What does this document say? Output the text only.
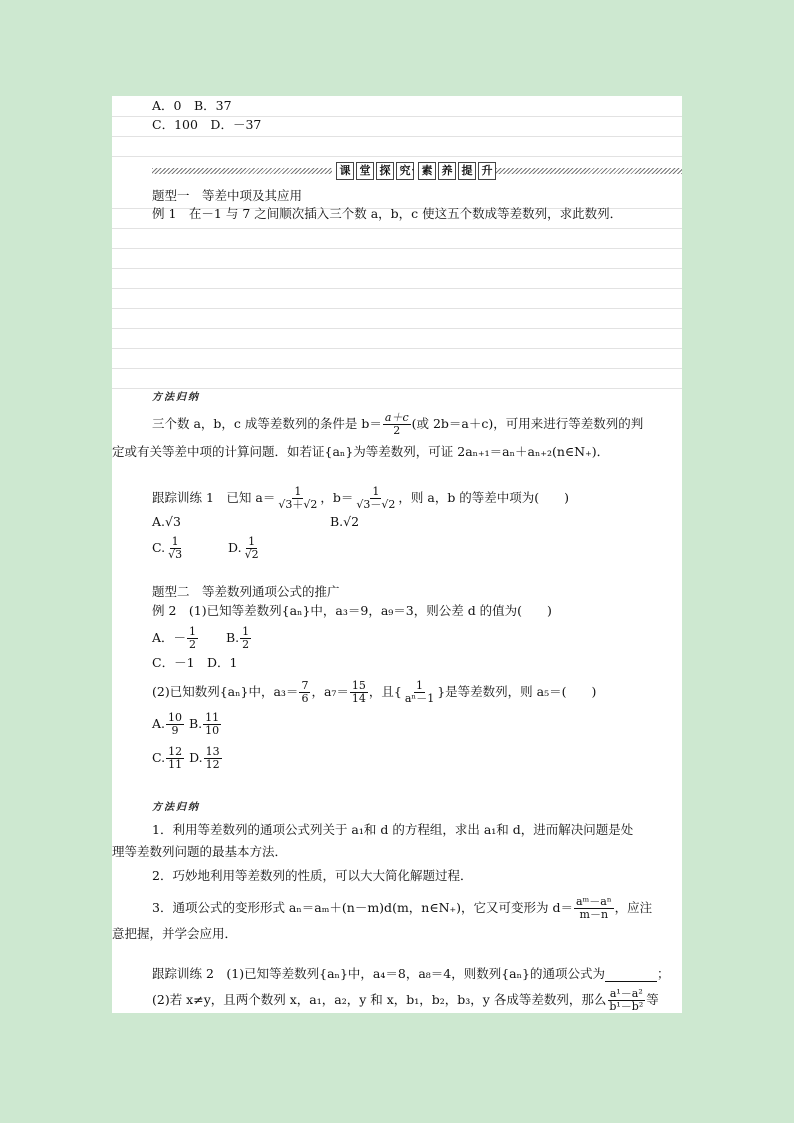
A．0　B．37
C．100　D．－37
课 堂 探 究 · 素 养 提 升
题型一　等差中项及其应用
例 1　在－1 与 7 之间顺次插入三个数 a，b，c 使这五个数成等差数列，求此数列．
方法归纳
三个数 a，b，c 成等差数列的条件是 $b= \frac{a+c}{2}$ (或 2b＝a＋c)，可用来进行等差数列的判
定或有关等差中项的计算问题．如若证{aₙ}为等差数列，可证 2aₙ₊₁＝aₙ＋aₙ₊₂(n∈N₊)．
跟踪训练 1　已知 $a= \frac{1}{√3+√2}$ ，$b= \frac{1}{√3-√2}$ ，则 a，b 的等差中项为(　　)
A.√3	B.√2
C. $\frac{1}{√3}$	D. $\frac{1}{√2}$
题型二　等差数列通项公式的推广
例 2　(1)已知等差数列{aₙ}中，a₃＝9，a₉＝3，则公差 d 的值为(　　)
A．－ $\frac{1}{2} B$. $\frac{1}{2}$
C．－1　D．1
(2)已知数列{aₙ}中，$a_3= \frac{7}{6}$ ，$a_7= \frac{15}{14}$ ，且{ $\frac{1}{\text{aⁿ－1}}$ }是等差数列，则 a₅＝(　　)
A. $\frac{10}{9} B$. $\frac{11}{10}$
C. $\frac{12}{11} D$. $\frac{13}{12}$
方法归纳
1．利用等差数列的通项公式列关于 a₁和 d 的方程组，求出 a₁和 d，进而解决问题是处
理等差数列问题的最基本方法．
2．巧妙地利用等差数列的性质，可以大大简化解题过程．
3．通项公式的变形形式 aₙ＝aₘ＋(n－m)d(m，n∈N₊)，它又可变形为 $d= \frac{\text{aᵐ－aⁿ}}{m-n}$ ，应注
意把握，并学会应用．
跟踪训练 2　(1)已知等差数列{aₙ}中，a₄＝8，a₈＝4，则数列{aₙ}的通项公式为	；
(2)若 x≠y，且两个数列 x，a₁，a₂，y 和 x，b₁，b₂，b₃，y 各成等差数列，那么 $\frac{\text{a¹－a²}}{\text{b¹－b²}}$ 等
